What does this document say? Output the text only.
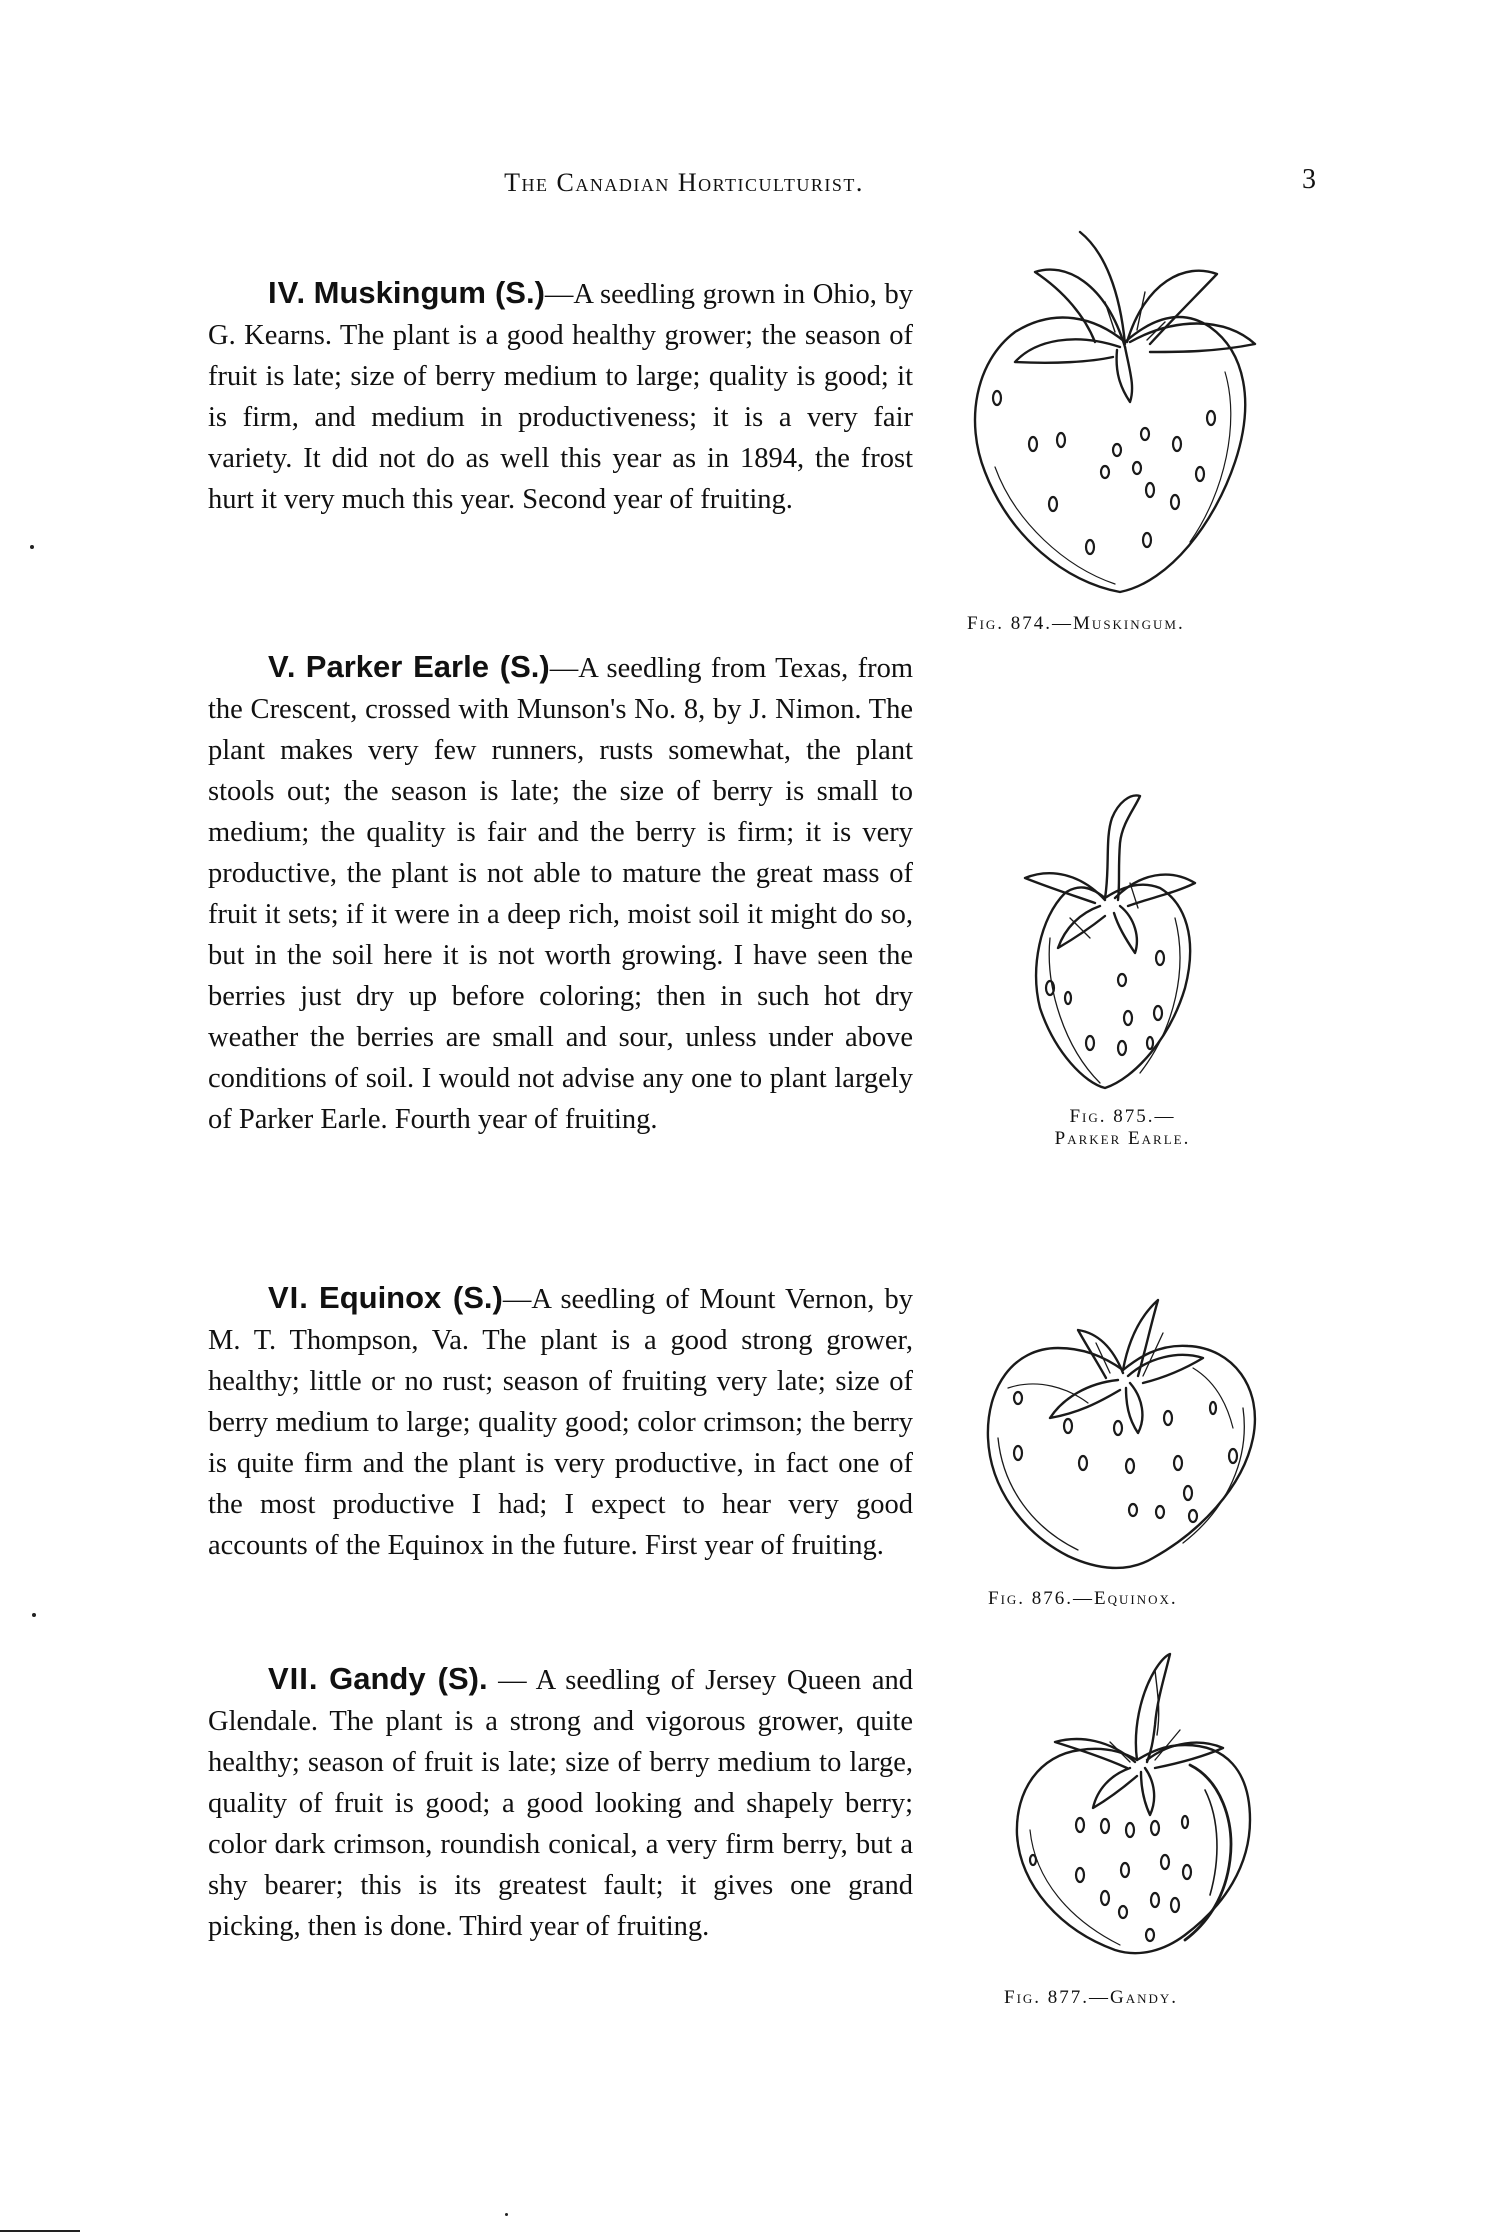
The Canadian Horticulturist.	3
IV. Muskingum (S.)—A seedling grown in Ohio, by G. Kearns. The plant is a good healthy grower; the season of fruit is late; size of berry medium to large; quality is good; it is firm, and medium in productiveness; it is a very fair variety. It did not do as well this year as in 1894, the frost hurt it very much this year. Second year of fruiting.
V. Parker Earle (S.)—A seedling from Texas, from the Crescent, crossed with Munson's No. 8, by J. Nimon. The plant makes very few runners, rusts somewhat, the plant stools out; the season is late; the size of berry is small to medium; the quality is fair and the berry is firm; it is very productive, the plant is not able to mature the great mass of fruit it sets; if it were in a deep rich, moist soil it might do so, but in the soil here it is not worth growing. I have seen the berries just dry up before coloring; then in such hot dry weather the berries are small and sour, unless under above conditions of soil. I would not advise any one to plant largely of Parker Earle. Fourth year of fruiting.
VI. Equinox (S.)—A seedling of Mount Vernon, by M. T. Thompson, Va. The plant is a good strong grower, healthy; little or no rust; season of fruiting very late; size of berry medium to large; quality good; color crimson; the berry is quite firm and the plant is very productive, in fact one of the most productive I had; I expect to hear very good accounts of the Equinox in the future. First year of fruiting.
VII. Gandy (S). — A seedling of Jersey Queen and Glendale. The plant is a strong and vigorous grower, quite healthy; season of fruit is late; size of berry medium to large, quality of fruit is good; a good looking and shapely berry; color dark crimson, roundish conical, a very firm berry, but a shy bearer; this is its greatest fault; it gives one grand picking, then is done. Third year of fruiting.
Fig. 874.—Muskingum.
Fig. 875.—
Parker Earle.
Fig. 876.—Equinox.
Fig. 877.—Gandy.
